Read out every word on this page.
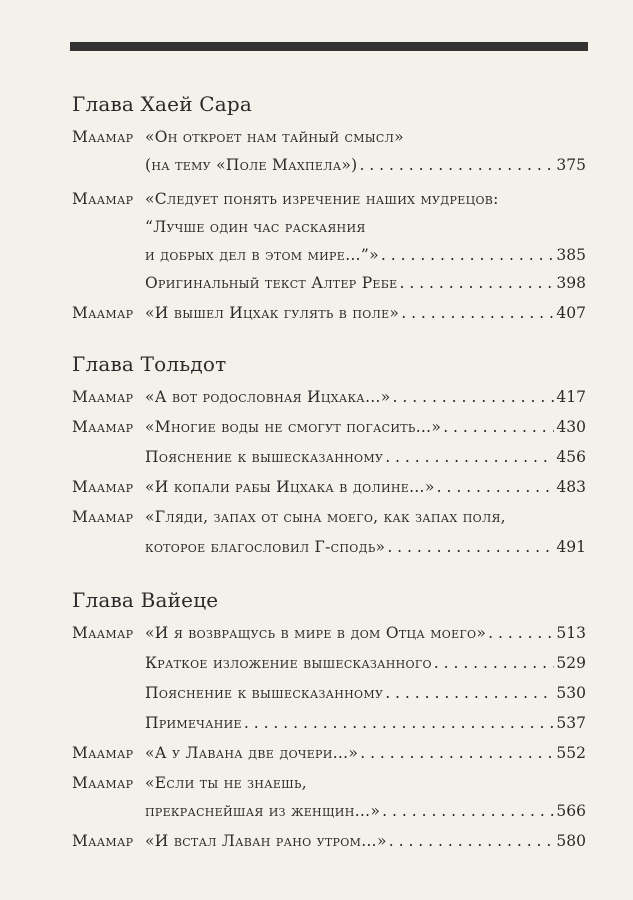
Глава Хаей Сара
Маамар «Он откроет нам тайный смысл»
(на тему «Поле Махпела») . . .	375
Маамар «Следует понять изречение наших мудрецов:
“Лучше один час раскаяния
и добрых дел в этом мире…”» . . .	385
Оригинальный текст Алтер Ребе . . .	398
Маамар «И вышел Ицхак гулять в поле» . . .	407
Глава Тольдот
Маамар «А вот родословная Ицхака…» . . .	417
Маамар «Многие воды не смогут погасить…» . . .	430
Пояснение к вышесказанному . . .	456
Маамар «И копали рабы Ицхака в долине…» . . .	483
Маамар «Гляди, запах от сына моего, как запах поля,
которое благословил Г-сподь» . . .	491
Глава Вайеце
Маамар «И я возвращусь в мире в дом Отца моего» . . .	513
Краткое изложение вышесказанного . . .	529
Пояснение к вышесказанному . . .	530
Примечание . . .	537
Маамар «А у Лавана две дочери…» . . .	552
Маамар «Если ты не знаешь,
прекраснейшая из женщин…» . . .	566
Маамар «И встал Лаван рано утром…» . . .	580
